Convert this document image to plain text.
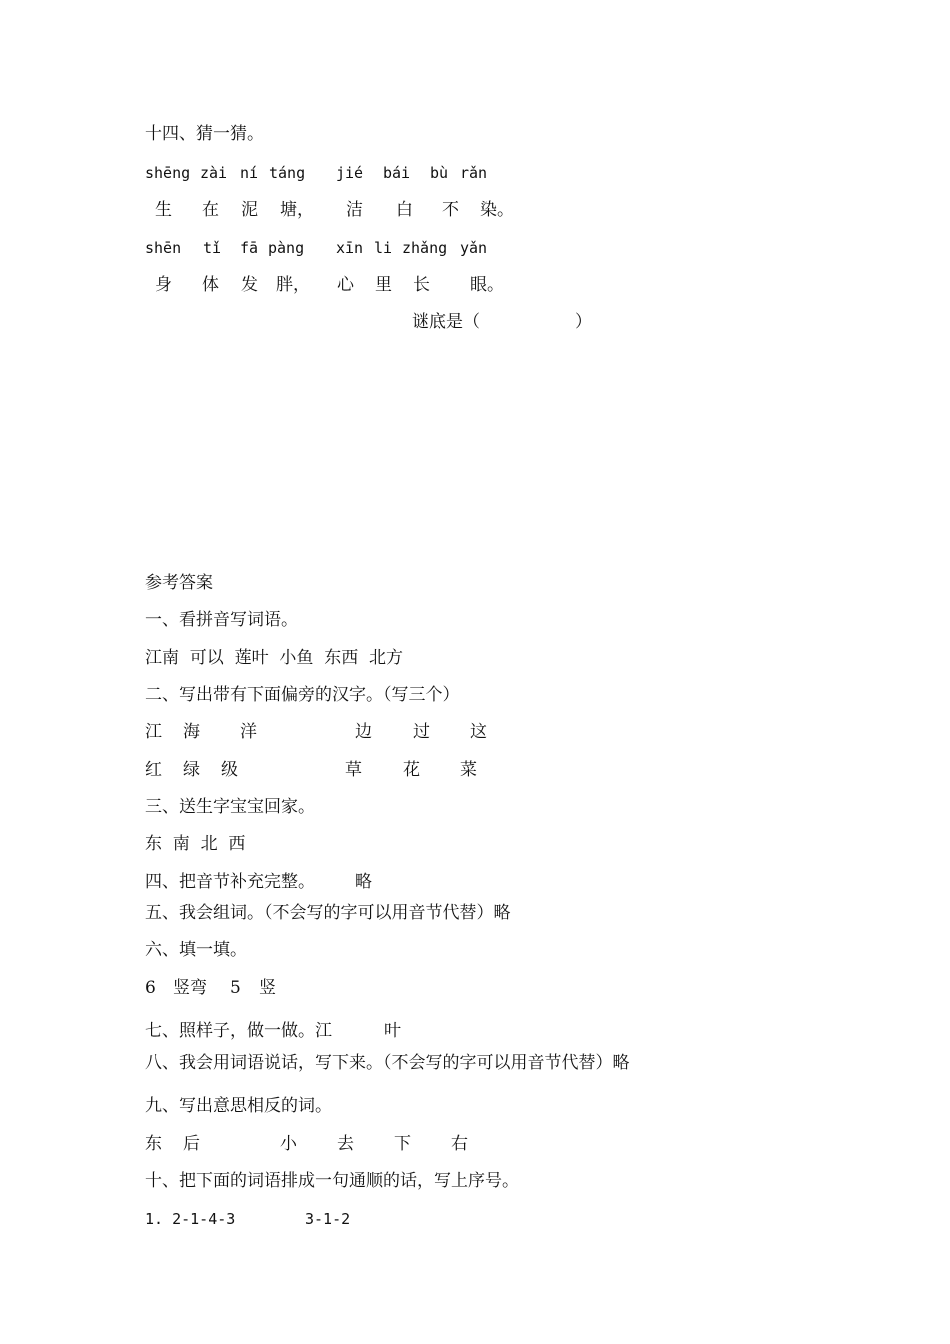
十四、猜一猜。
shēng zài ní táng jié bái bù rǎn
生 在 泥 塘， 洁 白 不 染。
shēn tǐ fā pàng xīn li zhǎng yǎn
身 体 发 胖， 心 里 长 眼。
谜底是（	）
参考答案
一、看拼音写词语。
江南  可以  莲叶  小鱼  东西  北方
二、写出带有下面偏旁的汉字。（写三个）
江 海 洋	边 过 这
红 绿 级	草 花 菜
三、送生字宝宝回家。
东  南  北  西
四、把音节补充完整。 略
五、我会组词。（不会写的字可以用音节代替）略
六、填一填。
6 竖弯 5 竖
七、照样子，做一做。江	叶
八、我会用词语说话，写下来。（不会写的字可以用音节代替）略
九、写出意思相反的词。
东 后	小 去 下 右
十、把下面的词语排成一句通顺的话，写上序号。
1. 2-1-4-3	3-1-2
